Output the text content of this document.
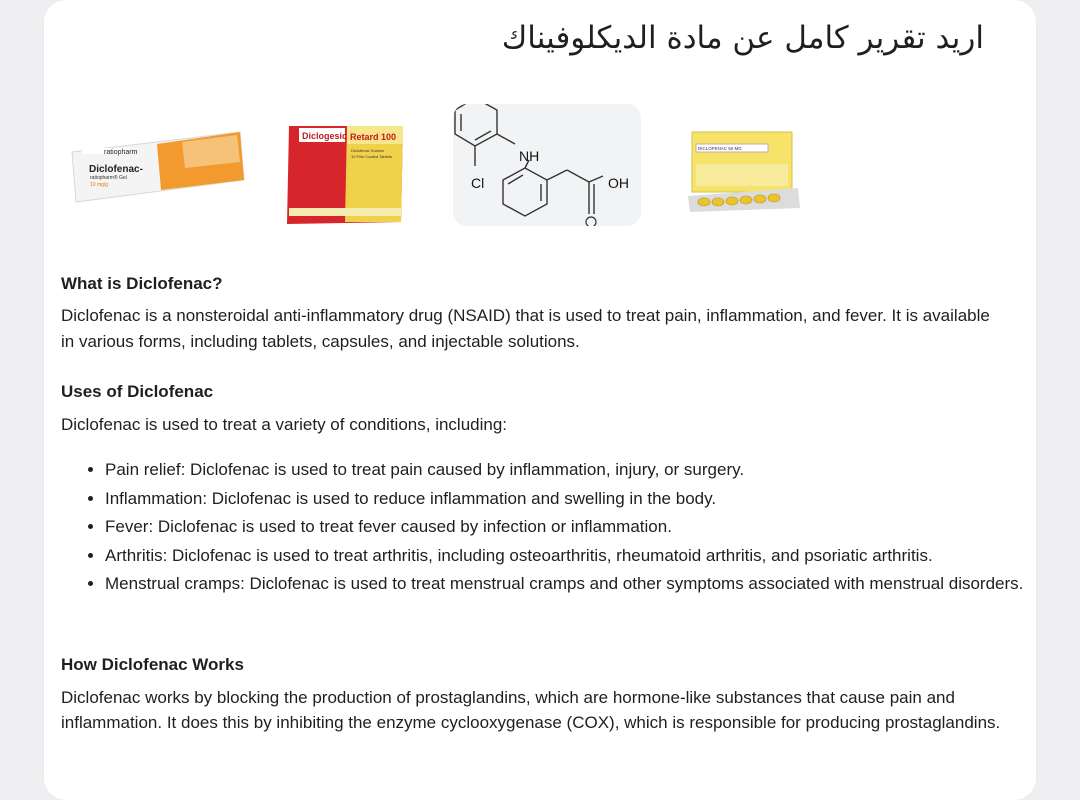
اريد تقرير كامل عن مادة الديكلوفيناك
ratiopharm
Diclofenac-
ratiopharm® Gel
10 mg/g
Diclogesic Retard 100
Diclofenac Sodium
10 Film Coated Tablets	NH
Cl	OH
DICLOFENAC 50 MG
What is Diclofenac?
Diclofenac is a nonsteroidal anti-inflammatory drug (NSAID) that is used to treat pain, inflammation, and fever. It is available in various forms, including tablets, capsules, and injectable solutions.
Uses of Diclofenac
Diclofenac is used to treat a variety of conditions, including:
• Pain relief: Diclofenac is used to treat pain caused by inflammation, injury, or surgery.
• Inflammation: Diclofenac is used to reduce inflammation and swelling in the body.
• Fever: Diclofenac is used to treat fever caused by infection or inflammation.
• Arthritis: Diclofenac is used to treat arthritis, including osteoarthritis, rheumatoid arthritis, and psoriatic arthritis.
• Menstrual cramps: Diclofenac is used to treat menstrual cramps and other symptoms associated with menstrual disorders.
How Diclofenac Works
Diclofenac works by blocking the production of prostaglandins, which are hormone-like substances that cause pain and inflammation. It does this by inhibiting the enzyme cyclooxygenase (COX), which is responsible for producing prostaglandins.
